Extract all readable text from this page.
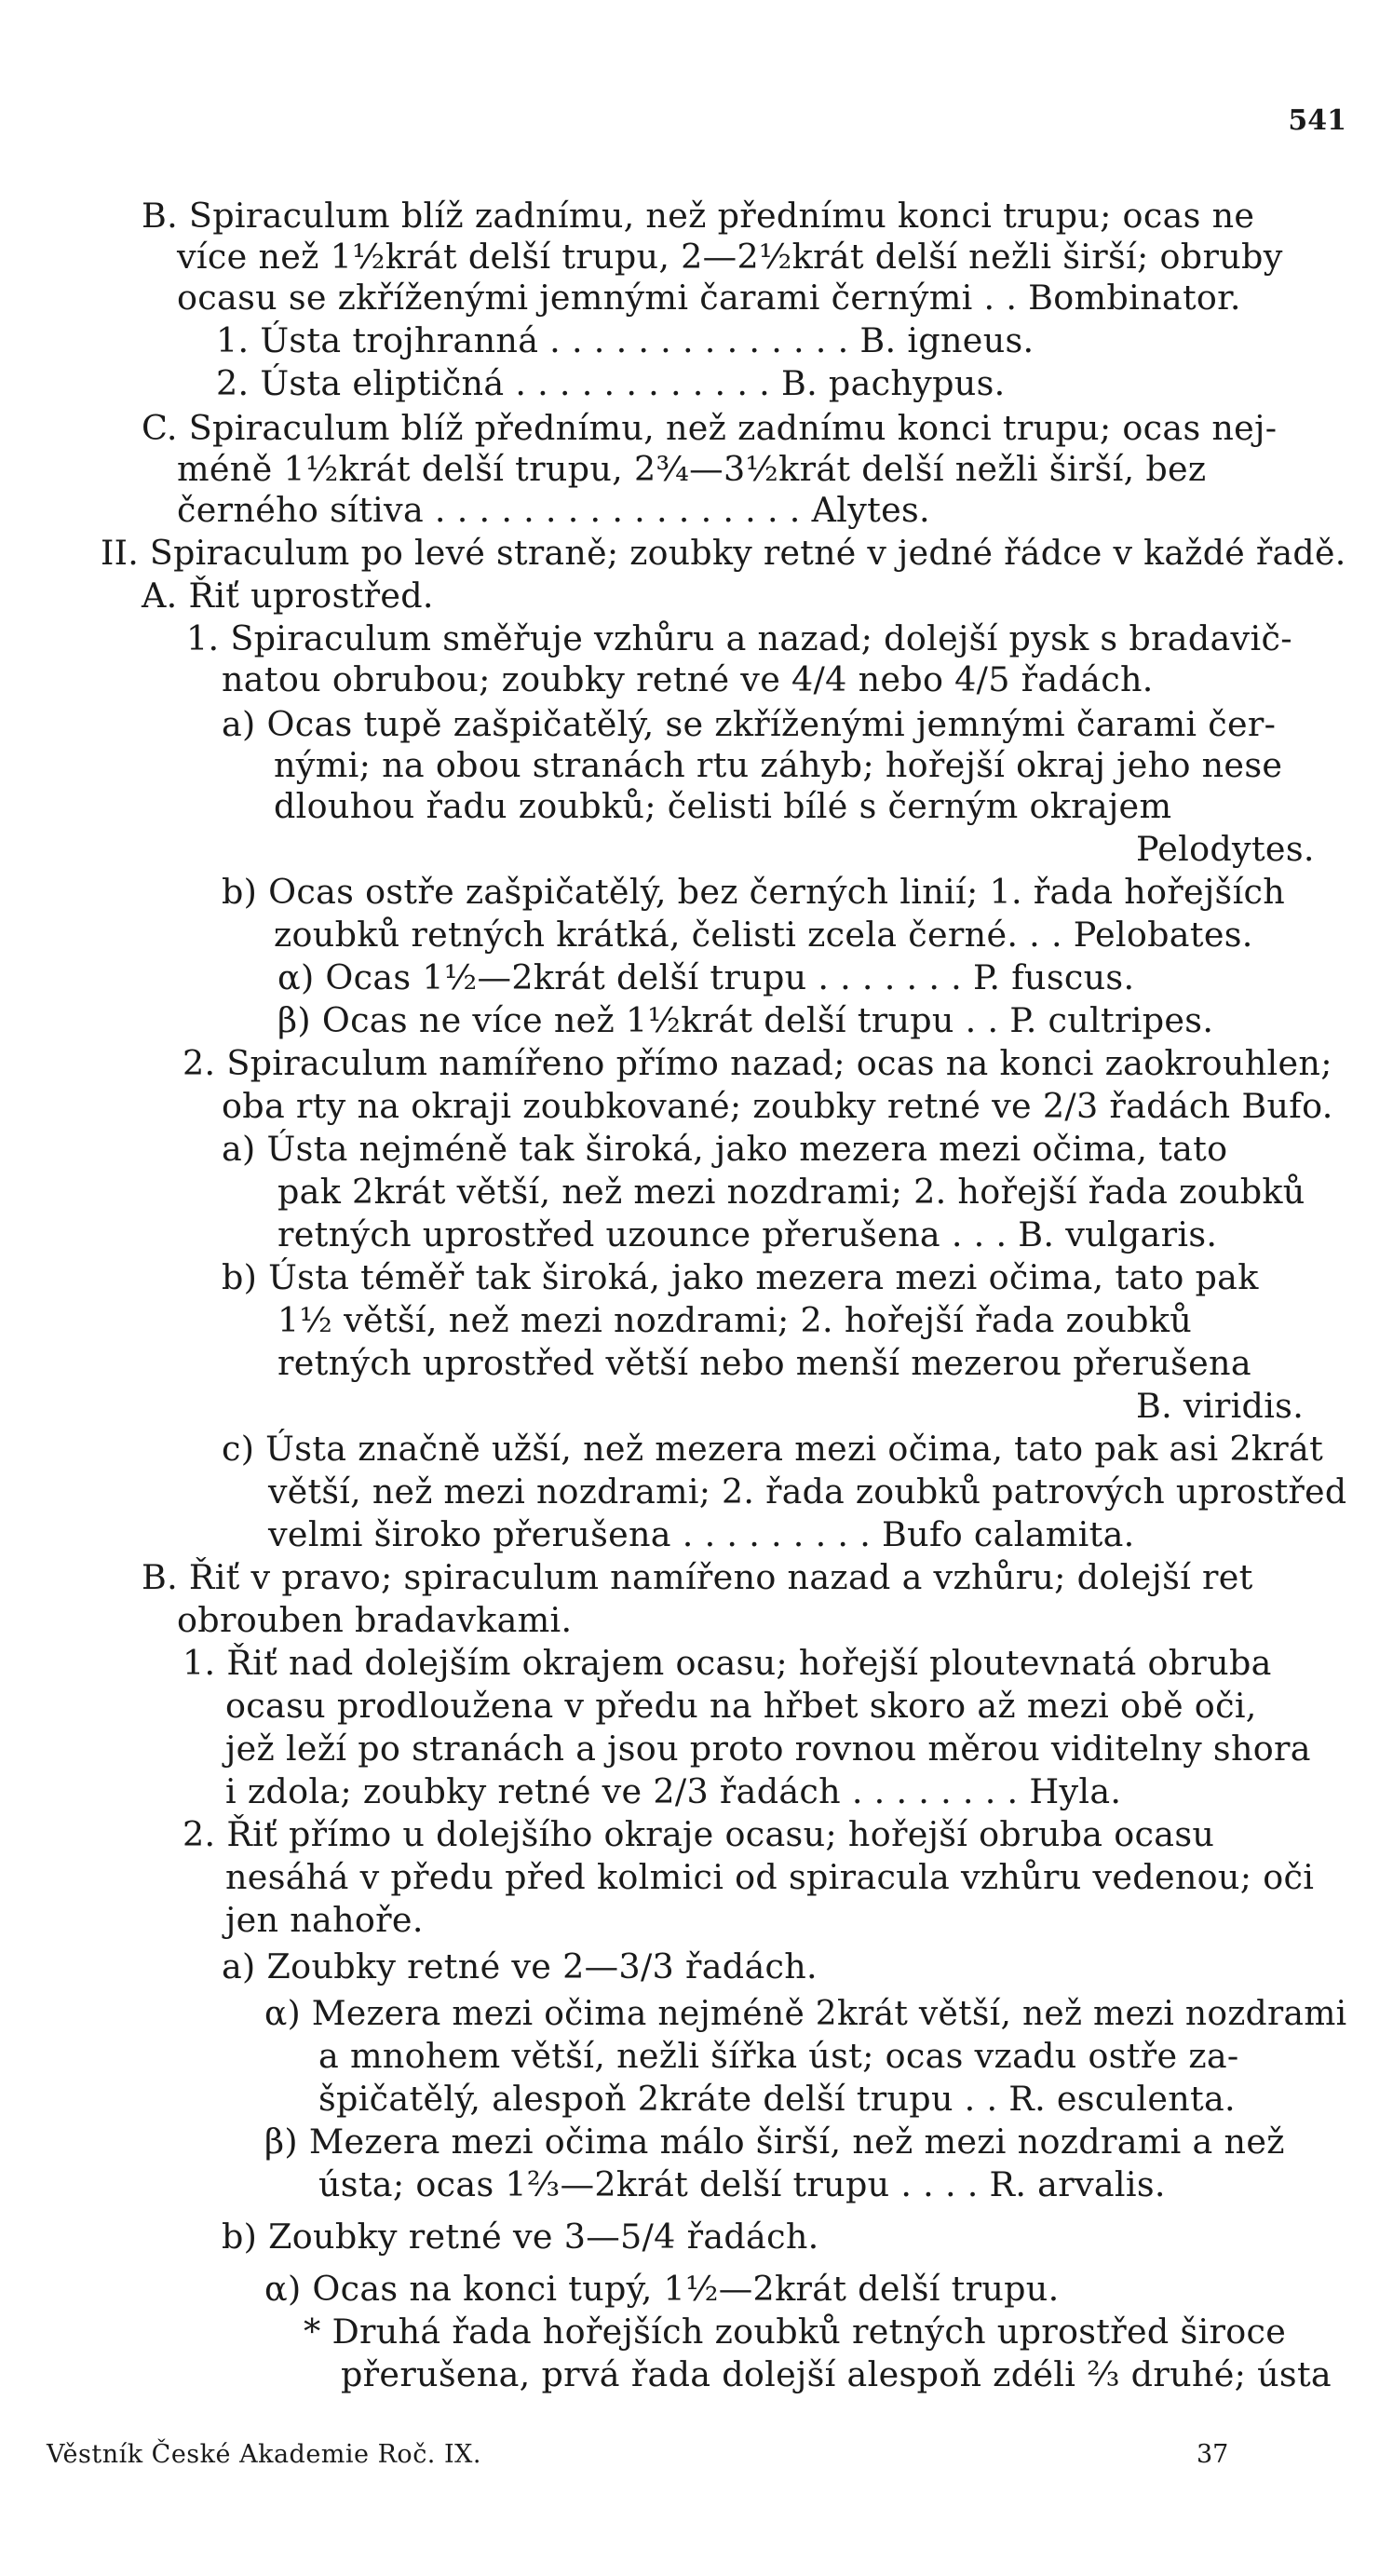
541
B. Spiraculum blíž zadnímu, než přednímu konci trupu; ocas ne
více než 1½krát delší trupu, 2—2½krát delší nežli širší; obruby
ocasu se zkříženými jemnými čarami černými . . Bombinator.
1. Ústa trojhranná . . . . . . . . . . . . . . B. igneus.
2. Ústa eliptičná . . . . . . . . . . . . B. pachypus.
C. Spiraculum blíž přednímu, než zadnímu konci trupu; ocas nej-
méně 1½krát delší trupu, 2¾—3½krát delší nežli širší, bez
černého sítiva . . . . . . . . . . . . . . . . . Alytes.
II. Spiraculum po levé straně; zoubky retné v jedné řádce v každé řadě.
A. Řiť uprostřed.
1. Spiraculum směřuje vzhůru a nazad; dolejší pysk s bradavič-
natou obrubou; zoubky retné ve 4/4 nebo 4/5 řadách.
a) Ocas tupě zašpičatělý, se zkříženými jemnými čarami čer-
nými; na obou stranách rtu záhyb; hořejší okraj jeho nese
dlouhou řadu zoubků; čelisti bílé s černým okrajem
Pelodytes.
b) Ocas ostře zašpičatělý, bez černých linií; 1. řada hořejších
zoubků retných krátká, čelisti zcela černé. . . Pelobates.
α) Ocas 1½—2krát delší trupu . . . . . . . P. fuscus.
β) Ocas ne více než 1½krát delší trupu . . P. cultripes.
2. Spiraculum namířeno přímo nazad; ocas na konci zaokrouhlen;
oba rty na okraji zoubkované; zoubky retné ve 2/3 řadách Bufo.
a) Ústa nejméně tak široká, jako mezera mezi očima, tato
pak 2krát větší, než mezi nozdrami; 2. hořejší řada zoubků
retných uprostřed uzounce přerušena . . . B. vulgaris.
b) Ústa téměř tak široká, jako mezera mezi očima, tato pak
1½ větší, než mezi nozdrami; 2. hořejší řada zoubků
retných uprostřed větší nebo menší mezerou přerušena
B. viridis.
c) Ústa značně užší, než mezera mezi očima, tato pak asi 2krát
větší, než mezi nozdrami; 2. řada zoubků patrových uprostřed
velmi široko přerušena . . . . . . . . . Bufo calamita.
B. Řiť v pravo; spiraculum namířeno nazad a vzhůru; dolejší ret
obrouben bradavkami.
1. Řiť nad dolejším okrajem ocasu; hořejší ploutevnatá obruba
ocasu prodloužena v předu na hřbet skoro až mezi obě oči,
jež leží po stranách a jsou proto rovnou měrou viditelny shora
i zdola; zoubky retné ve 2/3 řadách . . . . . . . . Hyla.
2. Řiť přímo u dolejšího okraje ocasu; hořejší obruba ocasu
nesáhá v předu před kolmici od spiracula vzhůru vedenou; oči
jen nahoře.
a) Zoubky retné ve 2—3/3 řadách.
α) Mezera mezi očima nejméně 2krát větší, než mezi nozdrami
a mnohem větší, nežli šířka úst; ocas vzadu ostře za-
špičatělý, alespoň 2kráte delší trupu . . R. esculenta.
β) Mezera mezi očima málo širší, než mezi nozdrami a než
ústa; ocas 1⅔—2krát delší trupu . . . . R. arvalis.
b) Zoubky retné ve 3—5/4 řadách.
α) Ocas na konci tupý, 1½—2krát delší trupu.
* Druhá řada hořejších zoubků retných uprostřed široce
přerušena, prvá řada dolejší alespoň zdéli ⅔ druhé; ústa
Věstník České Akademie Roč. IX.	37
